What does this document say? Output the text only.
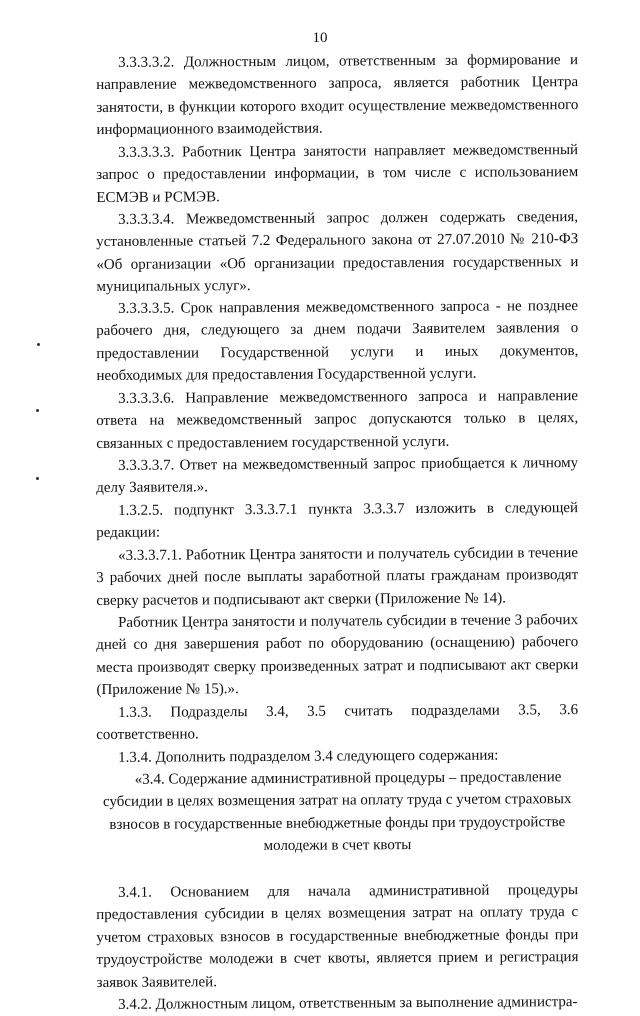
10

3.3.3.3.2. Должностным лицом, ответственным за формирование и направление межведомственного запроса, является работник Центра занятости, в функции которого входит осуществление межведомственного информационного взаимодействия.

3.3.3.3.3. Работник Центра занятости направляет межведомственный запрос о предоставлении информации, в том числе с использованием ЕСМЭВ и РСМЭВ.

3.3.3.3.4. Межведомственный запрос должен содержать сведения, установленные статьей 7.2 Федерального закона от 27.07.2010 № 210-ФЗ «Об организации «Об организации предоставления государственных и муниципальных услуг».

3.3.3.3.5. Срок направления межведомственного запроса - не позднее рабочего дня, следующего за днем подачи Заявителем заявления о предоставлении Государственной услуги и иных документов, необходимых для предоставления Государственной услуги.

3.3.3.3.6. Направление межведомственного запроса и направление ответа на межведомственный запрос допускаются только в целях, связанных с предоставлением государственной услуги.

3.3.3.3.7. Ответ на межведомственный запрос приобщается к личному делу Заявителя.».

1.3.2.5. подпункт 3.3.3.7.1 пункта 3.3.3.7 изложить в следующей редакции:

«3.3.3.7.1. Работник Центра занятости и получатель субсидии в течение 3 рабочих дней после выплаты заработной платы гражданам производят сверку расчетов и подписывают акт сверки (Приложение № 14).

Работник Центра занятости и получатель субсидии в течение 3 рабочих дней со дня завершения работ по оборудованию (оснащению) рабочего места производят сверку произведенных затрат и подписывают акт сверки (Приложение № 15).».

1.3.3. Подразделы 3.4, 3.5 считать подразделами 3.5, 3.6 соответственно.

1.3.4. Дополнить подразделом 3.4 следующего содержания:

«3.4. Содержание административной процедуры – предоставление субсидии в целях возмещения затрат на оплату труда с учетом страховых взносов в государственные внебюджетные фонды при трудоустройстве молодежи в счет квоты

3.4.1. Основанием для начала административной процедуры предоставления субсидии в целях возмещения затрат на оплату труда с учетом страховых взносов в государственные внебюджетные фонды при трудоустройстве молодежи в счет квоты, является прием и регистрация заявок Заявителей.

3.4.2. Должностным лицом, ответственным за выполнение администра-
